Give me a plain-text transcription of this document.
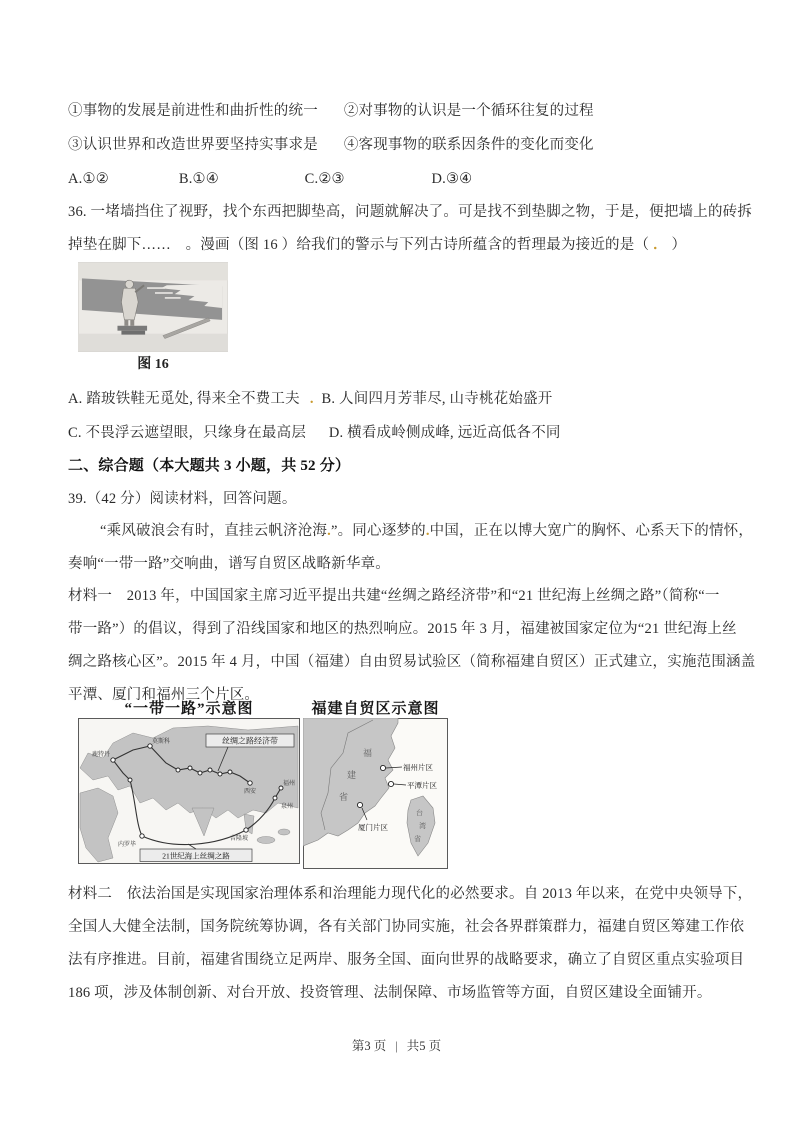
①事物的发展是前进性和曲折性的统一 ②对事物的认识是一个循环往复的过程
③认识世界和改造世界要坚持实事求是 ④客现事物的联系因条件的变化而变化
A.①②	B.①④	C.②③	D.③④
36. 一堵墙挡住了视野，找个东西把脚垫高，问题就解决了。可是找不到垫脚之物，于是，便把墙上的砖拆
掉垫在脚下……　。漫画（图 16 ）给我们的警示与下列古诗所蕴含的哲理最为接近的是（ ． ）
图 16
A. 踏玻铁鞋无觅处, 得来全不费工夫 . B. 人间四月芳菲尽, 山寺桃花始盛开
C. 不畏浮云遮望眼，只缘身在最高层 D. 横看成岭侧成峰, 远近高低各不同
二、综合题（本大题共 3 小题，共 52 分）
39.（42 分）阅读材料，回答问题。
“乘风破浪会有时，直挂云帆济沧海.”。同心逐梦的.中国，正在以博大宽广的胸怀、心系天下的情怀，
奏响“一带一路”交响曲，谱写自贸区战略新华章。
材料一　2013 年，中国国家主席习近平提出共建“丝绸之路经济带”和“21 世纪海上丝绸之路”（简称“一
带一路”）的倡议，得到了沿线国家和地区的热烈响应。2015 年 3 月，福建被国家定位为“21 世纪海上丝
绸之路核心区”。2015 年 4 月，中国（福建）自由贸易试验区（简称福建自贸区）正式建立，实施范围涵盖
平潭、厦门和福州三个片区。
“一带一路”示意图	福建自贸区示意图
丝绸之路经济带
21世纪海上丝绸之路
莫斯科
鹿特丹
西安
福州
泉州
吉隆坡
内罗毕
福
建
省
台
湾
省
福州片区
平潭片区
厦门片区
材料二　依法治国是实现国家治理体系和治理能力现代化的必然要求。自 2013 年以来，在党中央领导下，
全国人大健全法制，国务院统筹协调，各有关部门协同实施，社会各界群策群力，福建自贸区筹建工作依
法有序推进。目前，福建省围绕立足两岸、服务全国、面向世界的战略要求，确立了自贸区重点实验项目
186 项，涉及体制创新、对台开放、投资管理、法制保障、市场监管等方面，自贸区建设全面铺开。
第3 页 | 共5 页
